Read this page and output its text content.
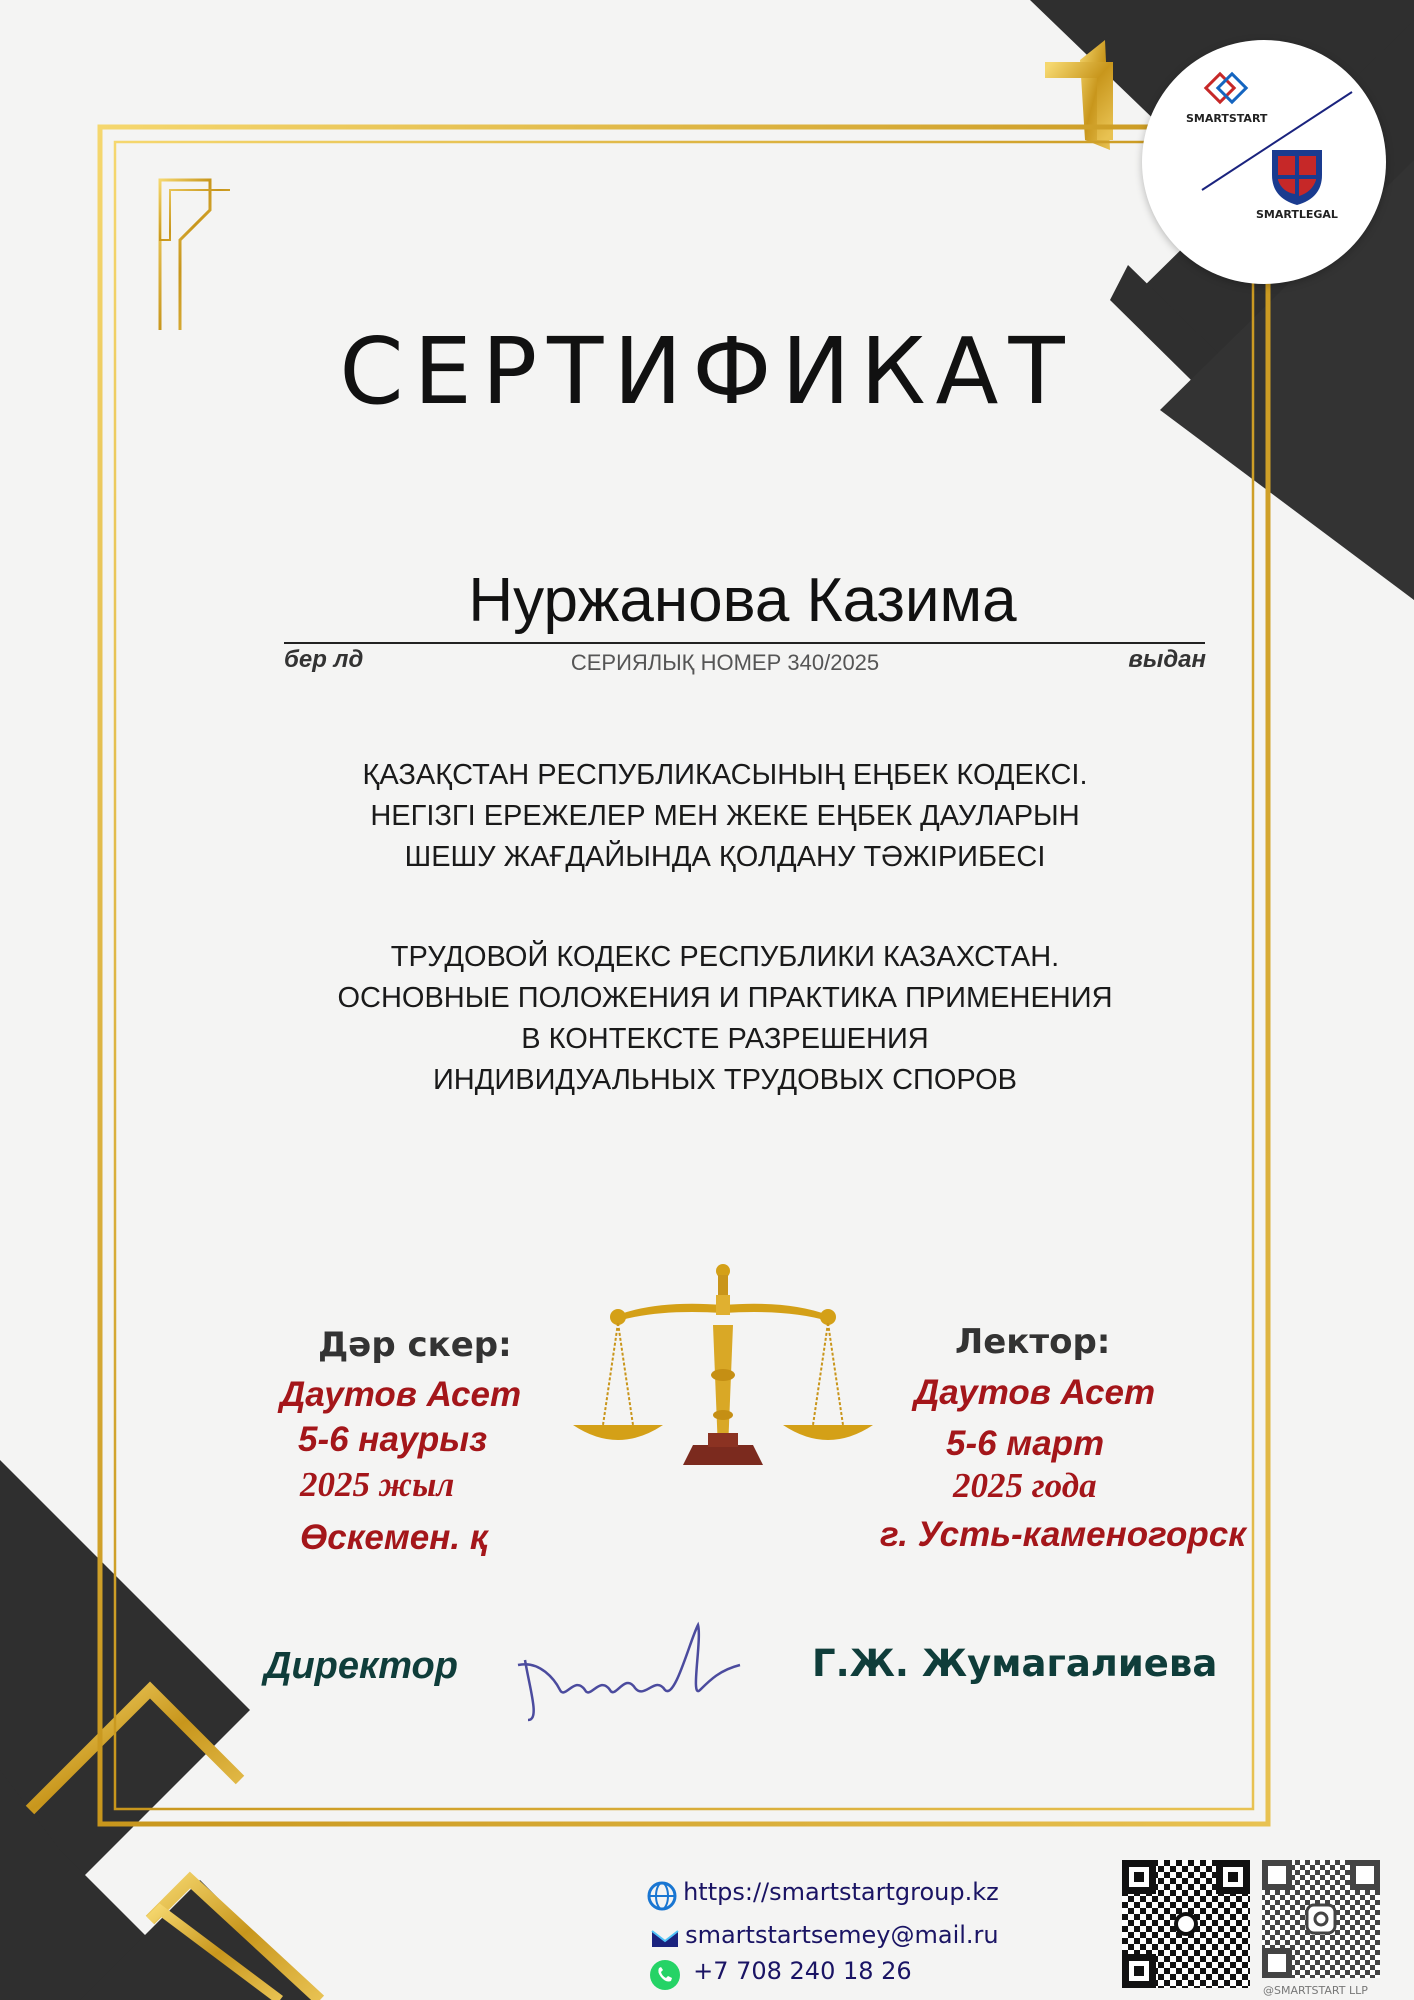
SMARTSTART
SMARTLEGAL
СЕРТИФИКАТ
Нуржанова Казима
бер лд	выдан
СЕРИЯЛЫҚ НОМЕР 340/2025
ҚАЗАҚСТАН РЕСПУБЛИКАСЫНЫҢ ЕҢБЕК КОДЕКСІ.
НЕГІЗГІ ЕРЕЖЕЛЕР МЕН ЖЕКЕ ЕҢБЕК ДАУЛАРЫН
ШЕШУ ЖАҒДАЙЫНДА ҚОЛДАНУ ТӘЖІРИБЕСІ
ТРУДОВОЙ КОДЕКС РЕСПУБЛИКИ КАЗАХСТАН.
ОСНОВНЫЕ ПОЛОЖЕНИЯ И ПРАКТИКА ПРИМЕНЕНИЯ
В КОНТЕКСТЕ РАЗРЕШЕНИЯ
ИНДИВИДУАЛЬНЫХ ТРУДОВЫХ СПОРОВ
Дәр скер:
Даутов Асет
5-6 наурыз
2025 жыл
Өскемен. қ
Лектор:
Даутов Асет
5-6 март
2025 года
г. Усть-каменогорск
Директор	Г.Ж. Жумагалиева
https://smartstartgroup.kz
smartstartsemey@mail.ru
+7 708 240 18 26
@SMARTSTART LLP
